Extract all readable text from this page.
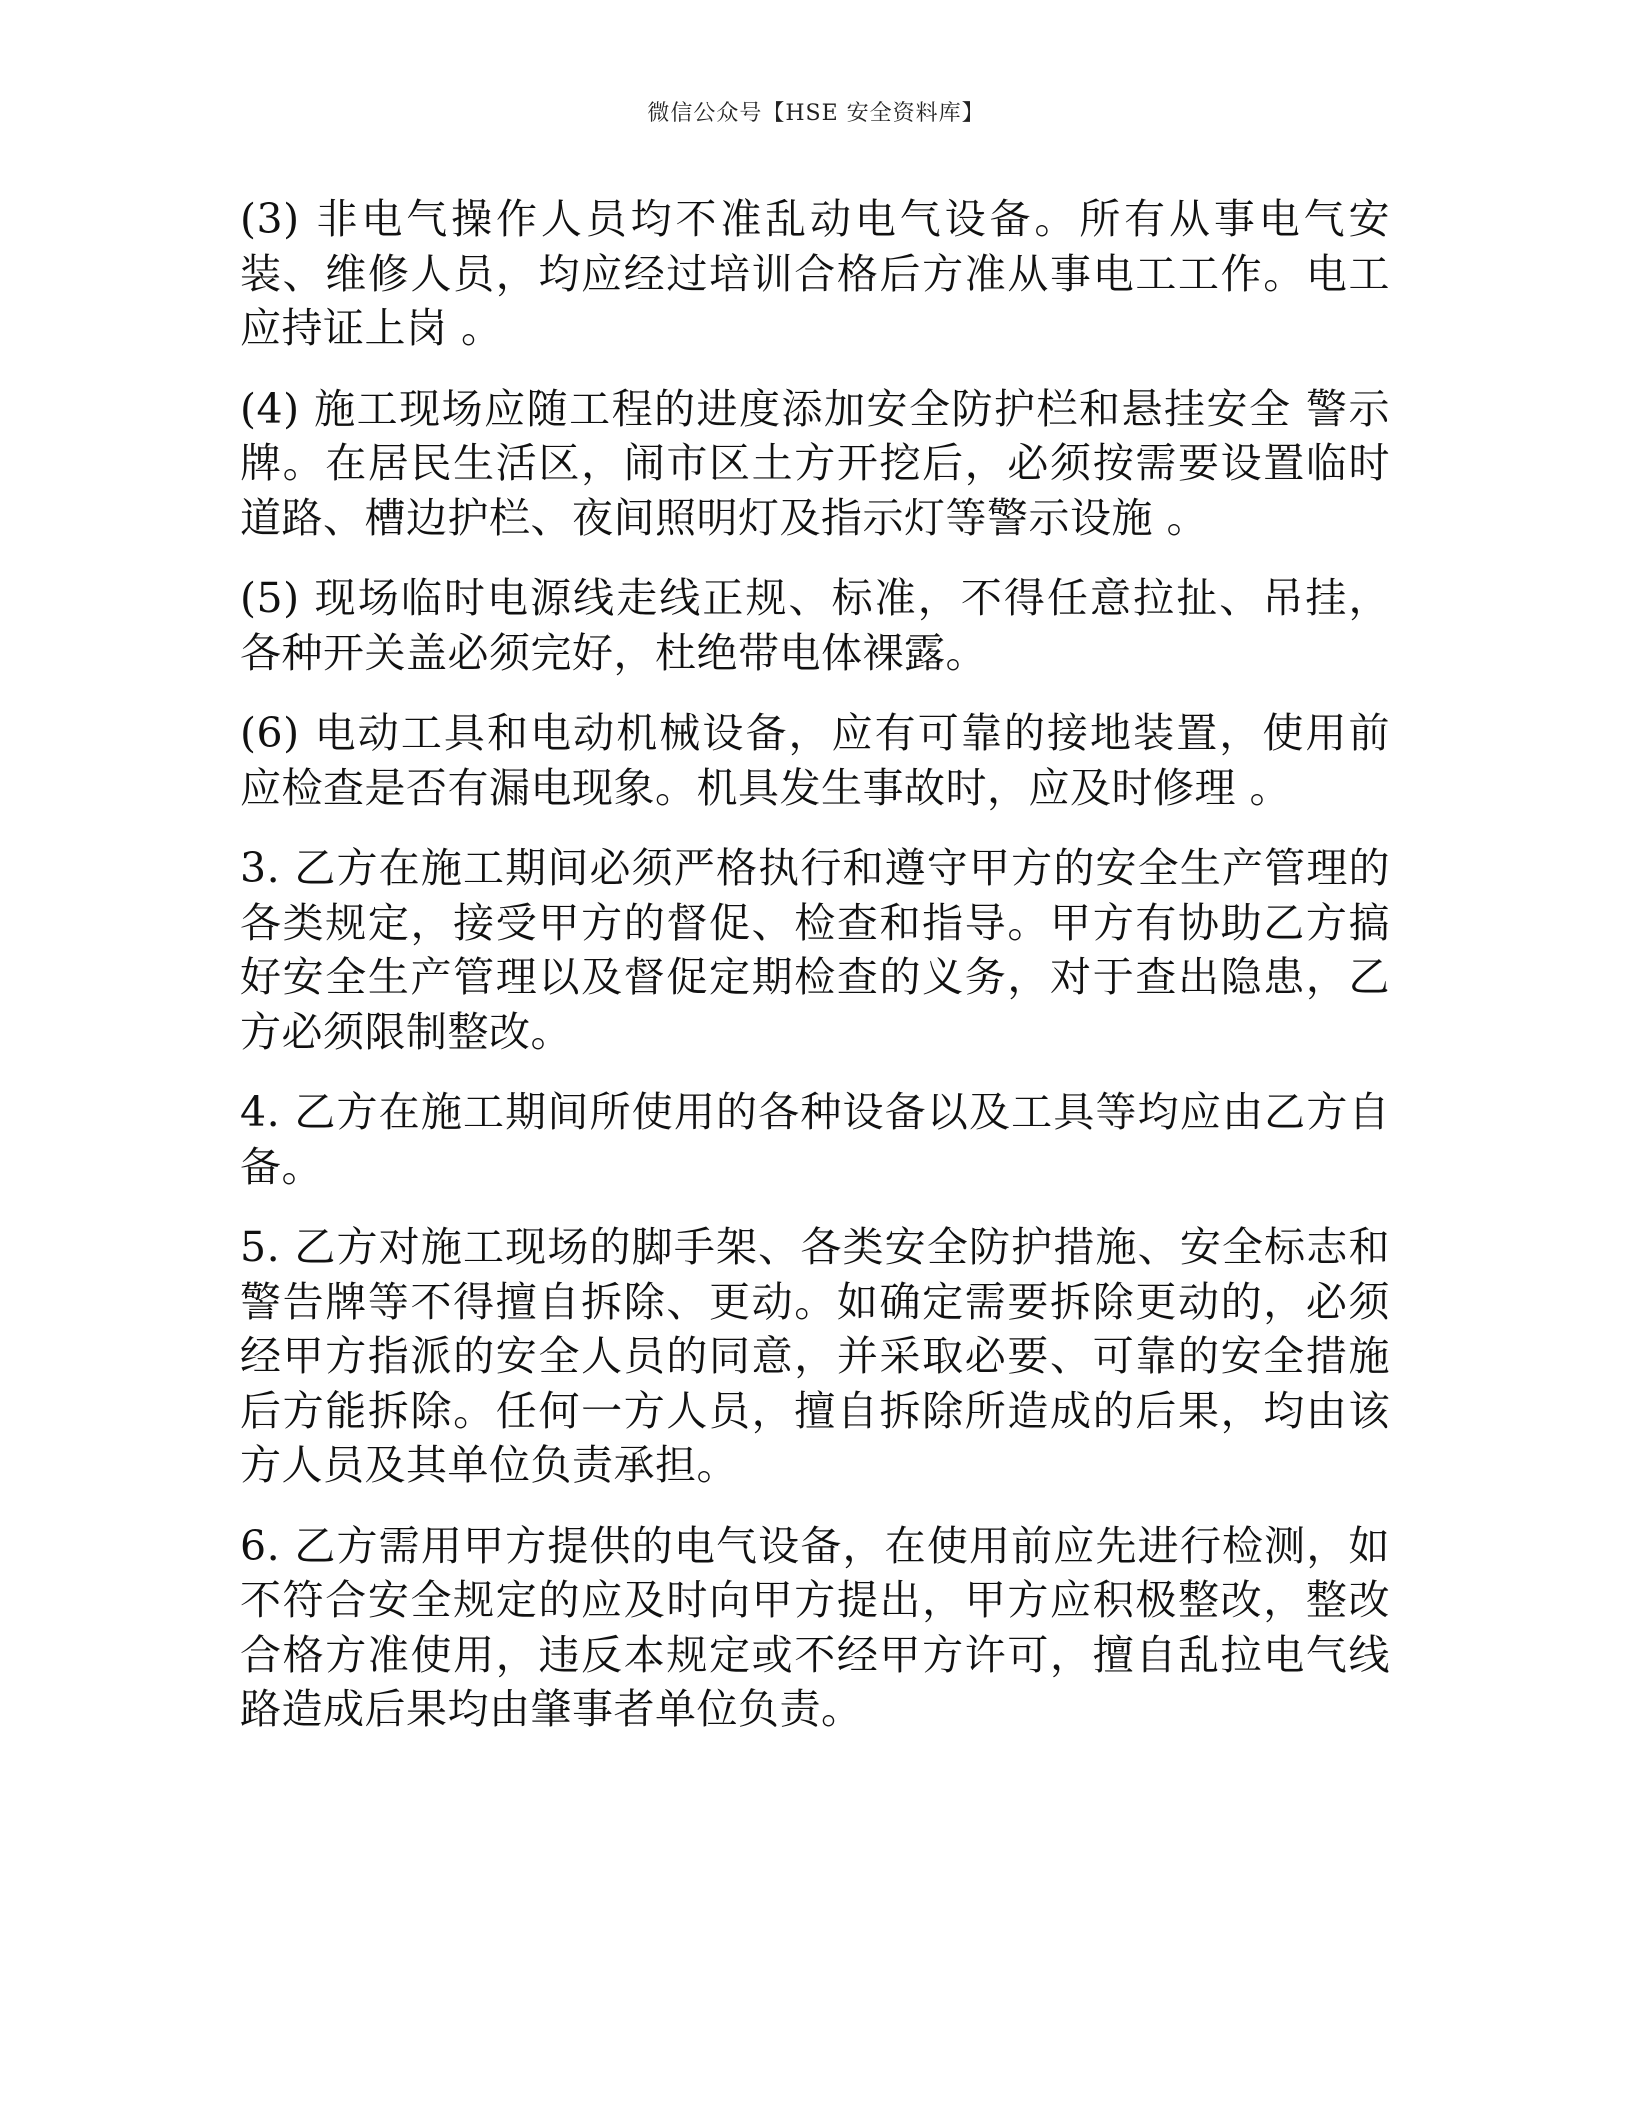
微信公众号【HSE 安全资料库】

(3) 非电气操作人员均不准乱动电气设备。所有从事电气安装、维修人员，均应经过培训合格后方准从事电工工作。电工应持证上岗 。

(4) 施工现场应随工程的进度添加安全防护栏和悬挂安全 警示牌。在居民生活区，闹市区土方开挖后，必须按需要设置临时道路、槽边护栏、夜间照明灯及指示灯等警示设施 。

(5) 现场临时电源线走线正规、标准，不得任意拉扯、吊挂，各种开关盖必须完好，杜绝带电体裸露。

(6) 电动工具和电动机械设备，应有可靠的接地装置，使用前应检查是否有漏电现象。机具发生事故时，应及时修理 。

3. 乙方在施工期间必须严格执行和遵守甲方的安全生产管理的各类规定，接受甲方的督促、检查和指导。甲方有协助乙方搞好安全生产管理以及督促定期检查的义务，对于查出隐患，乙方必须限制整改。

4. 乙方在施工期间所使用的各种设备以及工具等均应由乙方自备。

5. 乙方对施工现场的脚手架、各类安全防护措施、安全标志和警告牌等不得擅自拆除、更动。如确定需要拆除更动的，必须经甲方指派的安全人员的同意，并采取必要、可靠的安全措施后方能拆除。任何一方人员，擅自拆除所造成的后果，均由该方人员及其单位负责承担。

6. 乙方需用甲方提供的电气设备，在使用前应先进行检测，如不符合安全规定的应及时向甲方提出，甲方应积极整改，整改合格方准使用，违反本规定或不经甲方许可，擅自乱拉电气线路造成后果均由肇事者单位负责。
